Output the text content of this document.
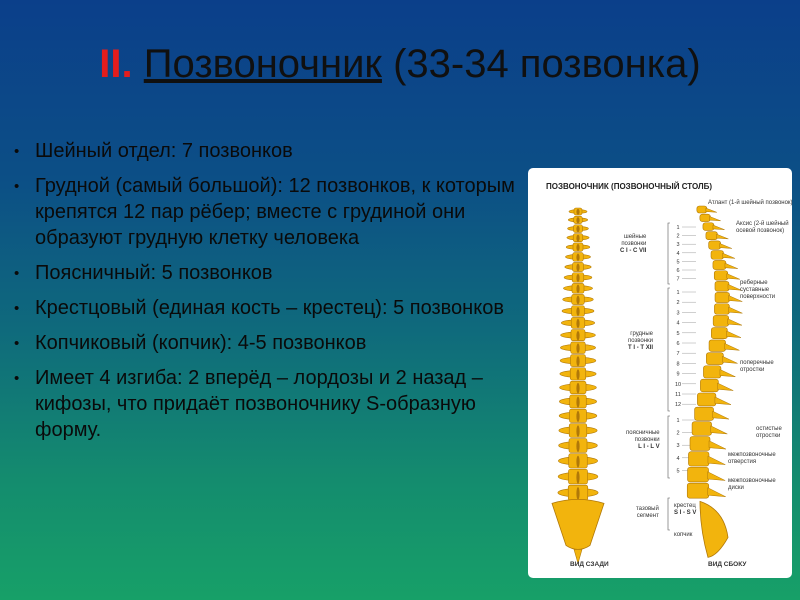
II. Позвоночник (33-34 позвонка)
• Шейный отдел: 7 позвонков
• Грудной (самый большой): 12 позвонков, к которым крепятся 12 пар рёбер; вместе с грудиной они образуют грудную клетку человека
• Поясничный: 5 позвонков
• Крестцовый (единая кость – крестец): 5 позвонков
• Копчиковый (копчик): 4-5 позвонков
• Имеет 4 изгиба: 2 вперёд – лордозы и 2 назад – кифозы, что придаёт позвоночнику S-образную форму.
1
2
3
4
5
6
7
1
2
3
4
5
6
7
8
9
10
11
12
1
2
3
4
5
ПОЗВОНОЧНИК (ПОЗВОНОЧНЫЙ СТОЛБ)
шейные
позвонки
C I - C VII
грудные
позвонки
T I - T XII
поясничные
позвонки
L I - L V
тазовый
сегмент
крестец
S I - S V
копчик
Атлант (1-й шейный позвонок)
Аксис (2-й шейный
осевой позвонок)
реберные
суставные
поверхности
поперечные
отростки
остистые
отростки
межпозвоночные
отверстия
межпозвоночные
диски
ВИД СЗАДИ	ВИД СБОКУ
